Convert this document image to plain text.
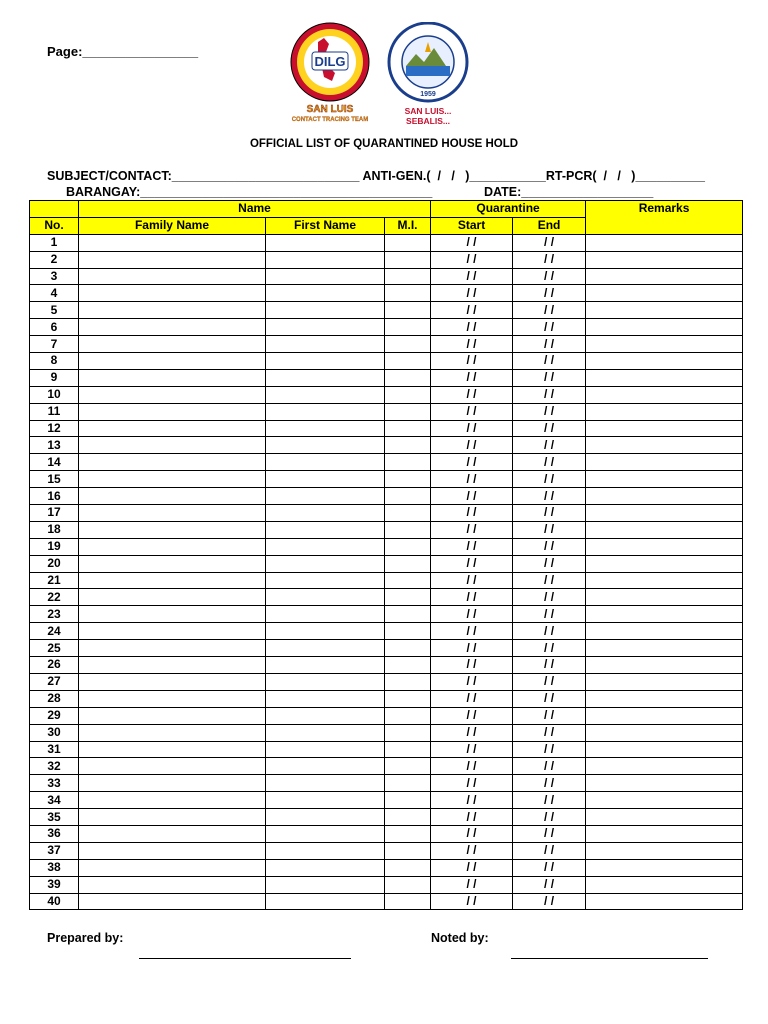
Page:________________
DILG
SAN LUIS
CONTACT TRACING TEAM
1959
SAN LUIS...
SEBALIS...
OFFICIAL LIST OF QUARANTINED HOUSE HOLD
SUBJECT/CONTACT:___________________________ ANTI-GEN.(  /   /   )___________RT-PCR(  /   /   )__________
BARANGAY:__________________________________________	DATE:___________________
	Name			Quarantine		Remarks
No.	Family Name	First Name	M.I.	Start	End	
1				/ /	/ /	
2				/ /	/ /	
3				/ /	/ /	
4				/ /	/ /	
5				/ /	/ /	
6				/ /	/ /	
7				/ /	/ /	
8				/ /	/ /	
9				/ /	/ /	
10				/ /	/ /	
11				/ /	/ /	
12				/ /	/ /	
13				/ /	/ /	
14				/ /	/ /	
15				/ /	/ /	
16				/ /	/ /	
17				/ /	/ /	
18				/ /	/ /	
19				/ /	/ /	
20				/ /	/ /	
21				/ /	/ /	
22				/ /	/ /	
23				/ /	/ /	
24				/ /	/ /	
25				/ /	/ /	
26				/ /	/ /	
27				/ /	/ /	
28				/ /	/ /	
29				/ /	/ /	
30				/ /	/ /	
31				/ /	/ /	
32				/ /	/ /	
33				/ /	/ /	
34				/ /	/ /	
35				/ /	/ /	
36				/ /	/ /	
37				/ /	/ /	
38				/ /	/ /	
39				/ /	/ /	
40				/ /	/ /	
Prepared by:	Noted by:
